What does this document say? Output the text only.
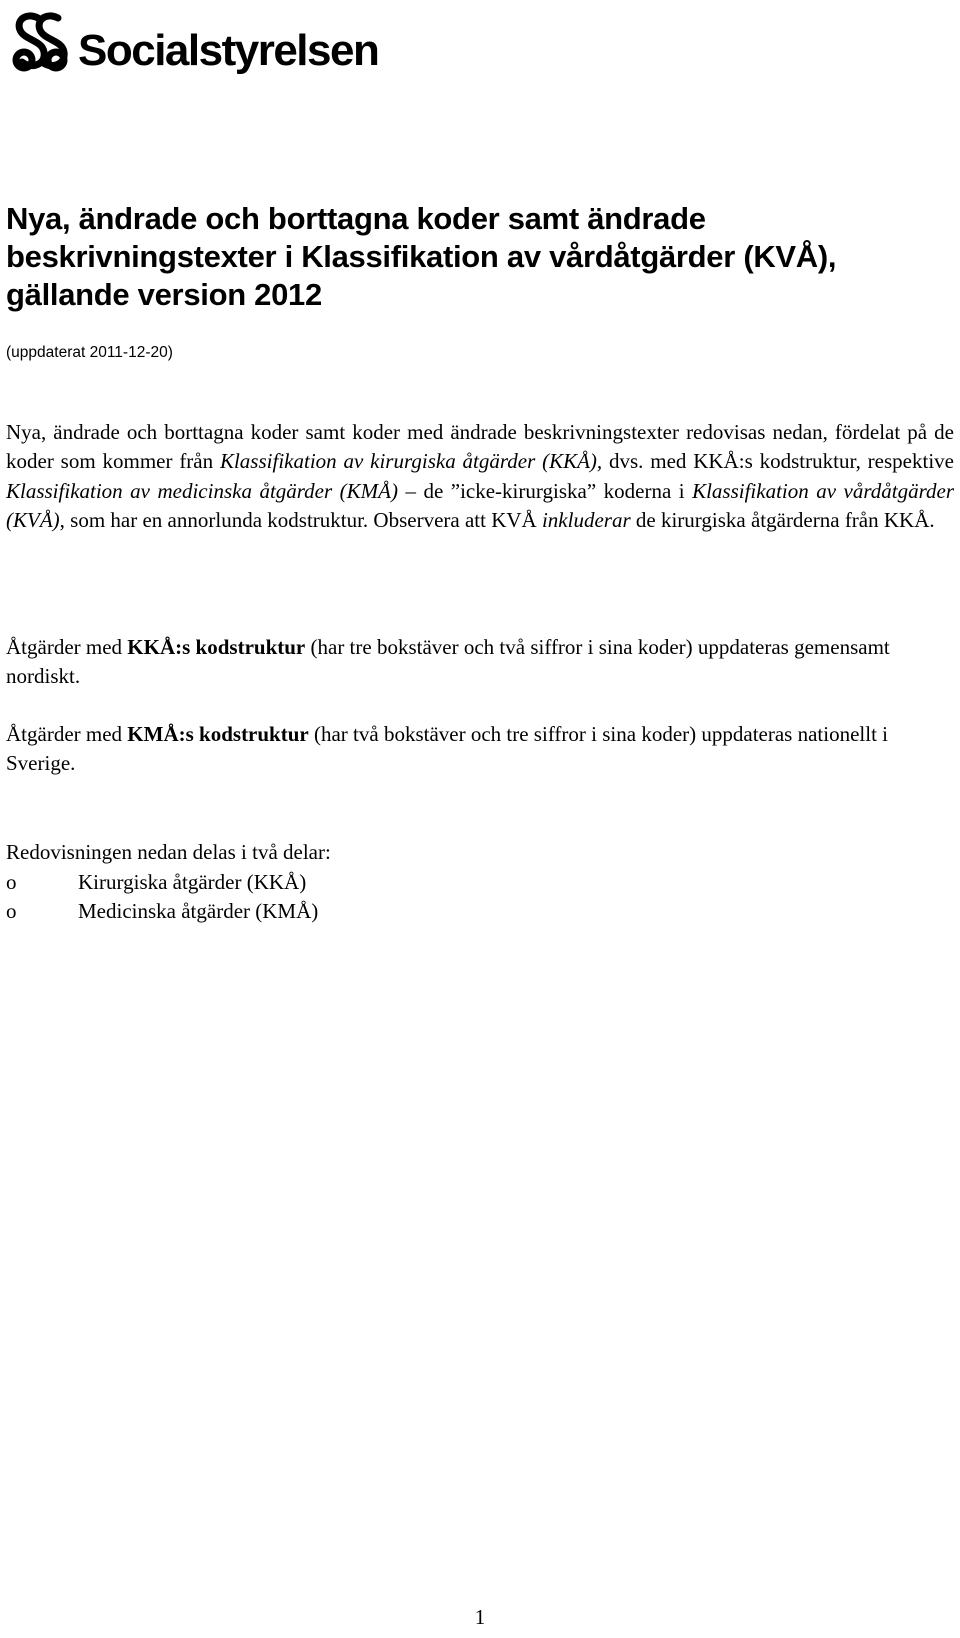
Socialstyrelsen
Nya, ändrade och borttagna koder samt ändrade beskrivningstexter i Klassifikation av vårdåtgärder (KVÅ), gällande version 2012
(uppdaterat 2011-12-20)

Nya, ändrade och borttagna koder samt koder med ändrade beskrivningstexter redovisas nedan, fördelat på de koder som kommer från Klassifikation av kirurgiska åtgärder (KKÅ), dvs. med KKÅ:s kodstruktur, respektive Klassifikation av medicinska åtgärder (KMÅ) – de ”icke-kirurgiska” koderna i Klassifikation av vårdåtgärder (KVÅ), som har en annorlunda kodstruktur. Observera att KVÅ inkluderar de kirurgiska åtgärderna från KKÅ.

Åtgärder med KKÅ:s kodstruktur (har tre bokstäver och två siffror i sina koder) uppdateras gemensamt nordiskt.

Åtgärder med KMÅ:s kodstruktur (har två bokstäver och tre siffror i sina koder) uppdateras nationellt i Sverige.

Redovisningen nedan delas i två delar:

o	Kirurgiska åtgärder (KKÅ)
o	Medicinska åtgärder (KMÅ)
1
